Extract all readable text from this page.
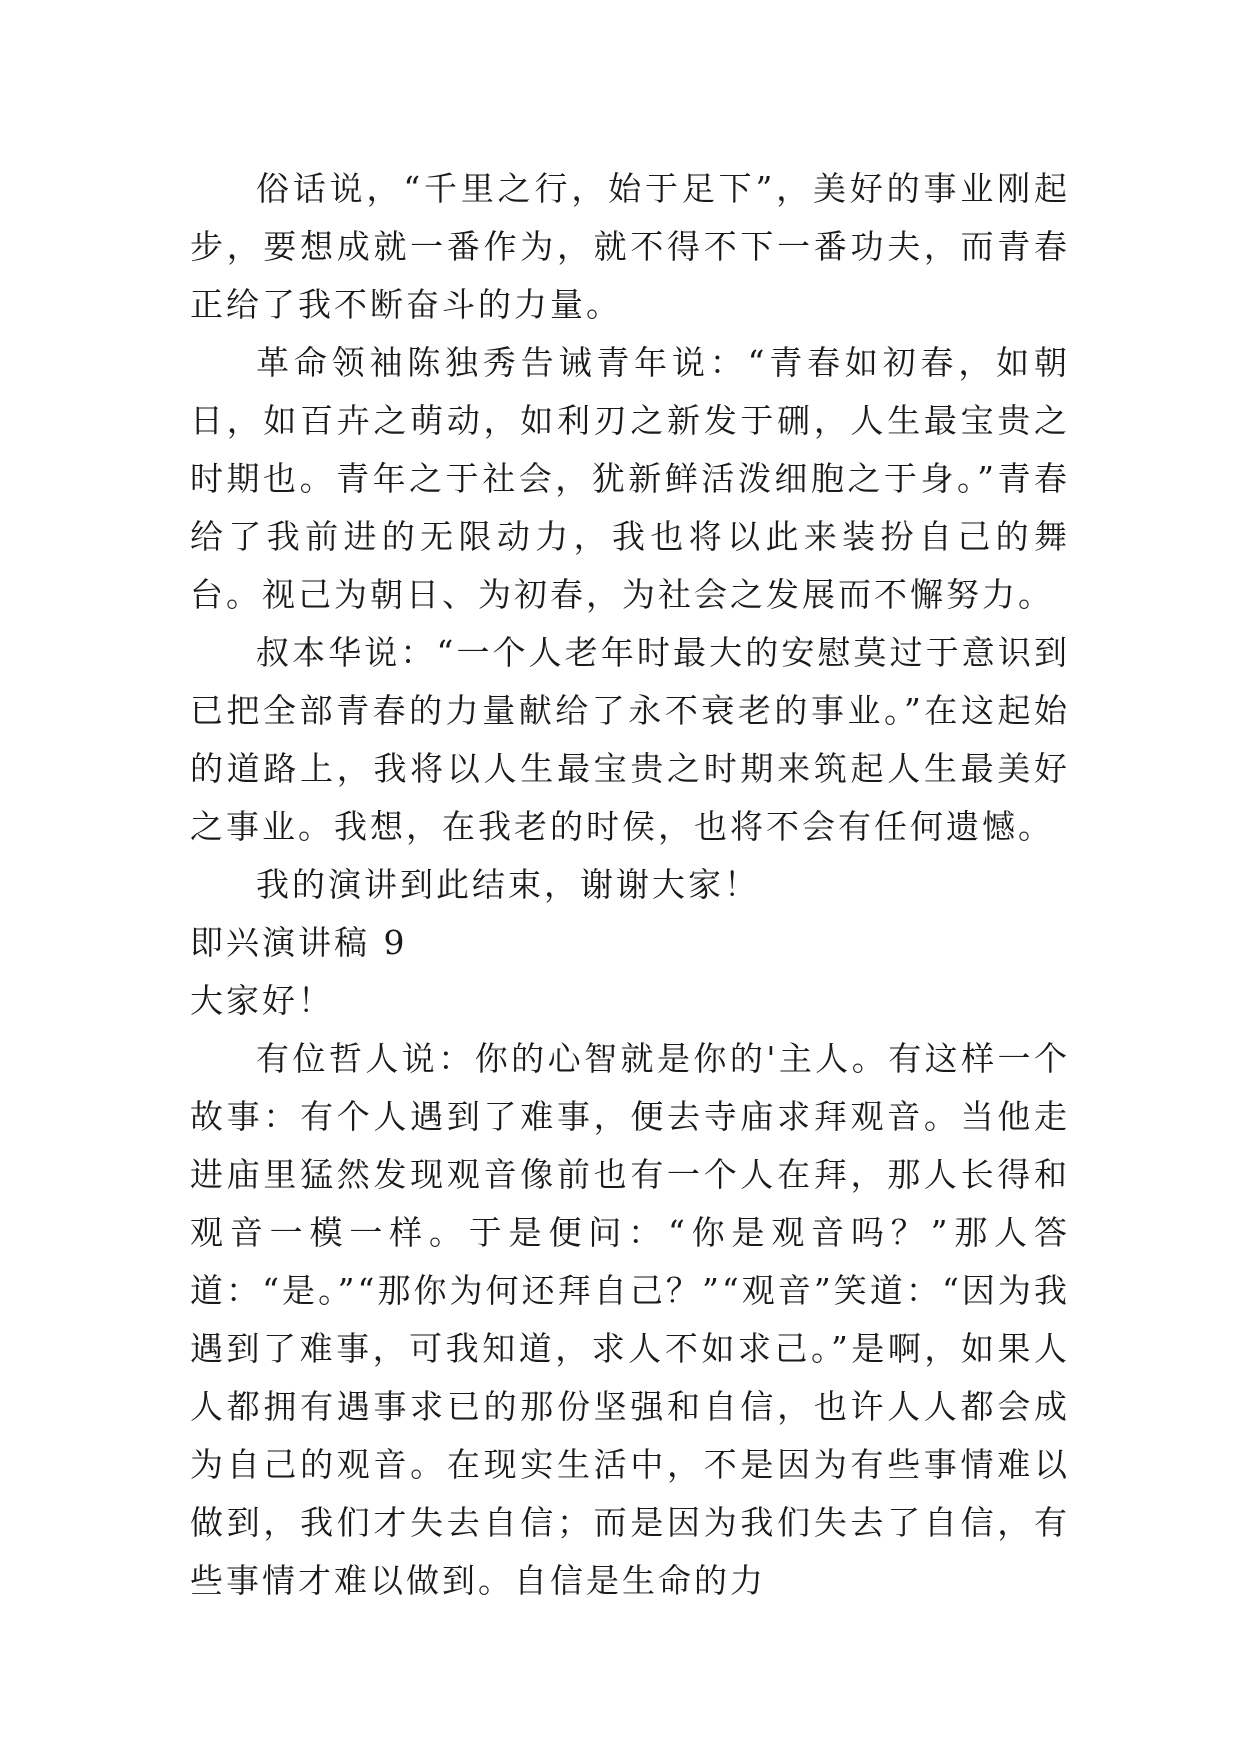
俗话说，“千里之行，始于足下”，美好的事业刚起步，要想成就一番作为，就不得不下一番功夫，而青春正给了我不断奋斗的力量。

革命领袖陈独秀告诫青年说：“青春如初春，如朝日，如百卉之萌动，如利刃之新发于硎，人生最宝贵之时期也。青年之于社会，犹新鲜活泼细胞之于身。”青春给了我前进的无限动力，我也将以此来装扮自己的舞台。视己为朝日、为初春，为社会之发展而不懈努力。

叔本华说：“一个人老年时最大的安慰莫过于意识到已把全部青春的力量献给了永不衰老的事业。”在这起始的道路上，我将以人生最宝贵之时期来筑起人生最美好之事业。我想，在我老的时侯，也将不会有任何遗憾。

我的演讲到此结束，谢谢大家！

即兴演讲稿 9

大家好！

有位哲人说：你的心智就是你的'主人。有这样一个故事：有个人遇到了难事，便去寺庙求拜观音。当他走进庙里猛然发现观音像前也有一个人在拜，那人长得和观音一模一样。于是便问：“你是观音吗？”那人答道：“是。”“那你为何还拜自己？”“观音”笑道：“因为我遇到了难事，可我知道，求人不如求己。”是啊，如果人人都拥有遇事求已的那份坚强和自信，也许人人都会成为自己的观音。在现实生活中，不是因为有些事情难以做到，我们才失去自信；而是因为我们失去了自信，有些事情才难以做到。自信是生命的力
